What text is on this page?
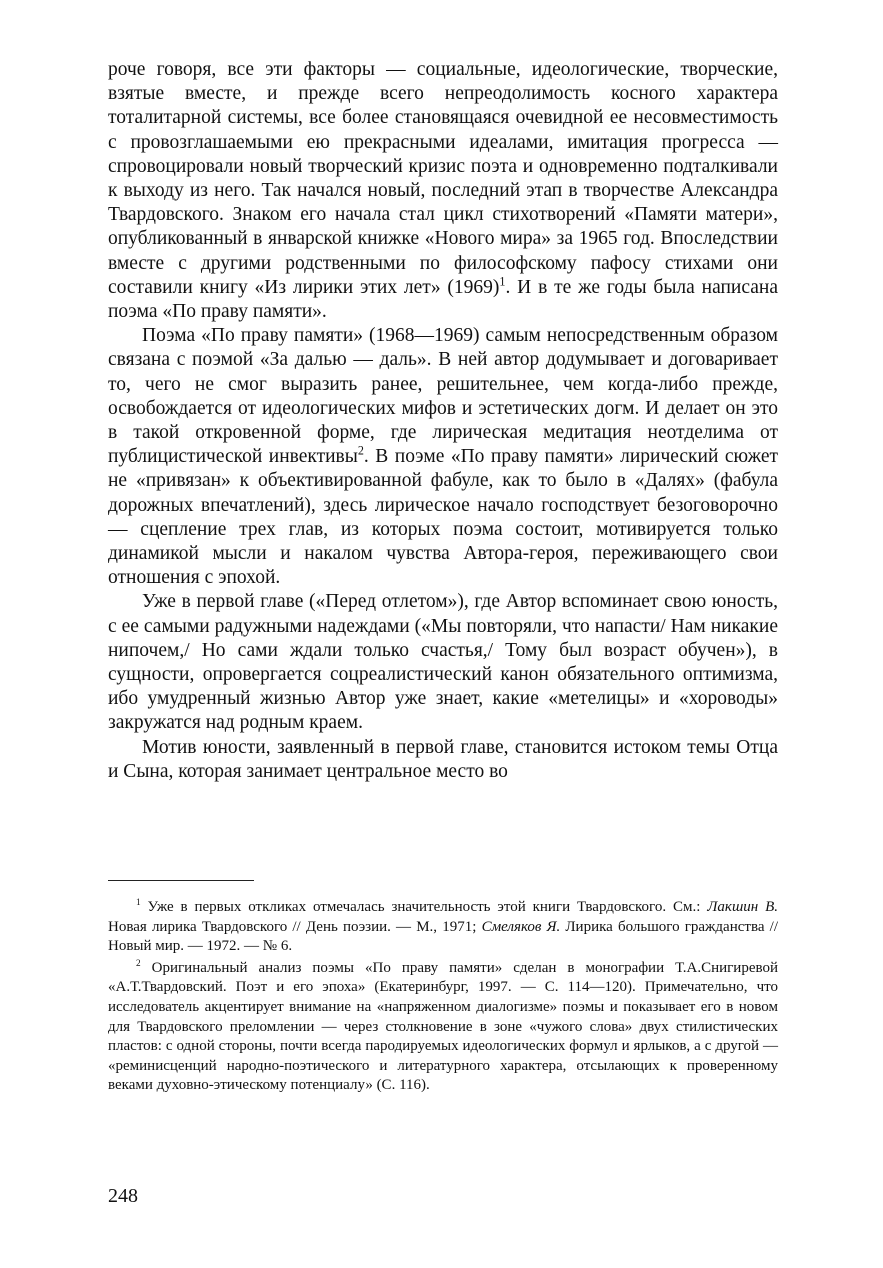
роче говоря, все эти факторы — социальные, идеологические, творческие, взятые вместе, и прежде всего непреодолимость косного характера тоталитарной системы, все более становящаяся очевидной ее несовместимость с провозглашаемыми ею прекрасными идеалами, имитация прогресса — спровоцировали новый творческий кризис поэта и одновременно подталкивали к выходу из него. Так начался новый, последний этап в творчестве Александра Твардовского. Знаком его начала стал цикл стихотворений «Памяти матери», опубликованный в январской книжке «Нового мира» за 1965 год. Впоследствии вместе с другими родственными по философскому пафосу стихами они составили книгу «Из лирики этих лет» $(1969)^1$. И в те же годы была написана поэма «По праву памяти».

Поэма «По праву памяти» (1968—1969) самым непосредственным образом связана с поэмой «За далью — даль». В ней автор додумывает и договаривает то, чего не смог выразить ранее, решительнее, чем когда-либо прежде, освобождается от идеологических мифов и эстетических догм. И делает он это в такой откровенной форме, где лирическая медитация неотделима от публицистической инвективы$^2$. В поэме «По праву памяти» лирический сюжет не «привязан» к объективированной фабуле, как то было в «Далях» (фабула дорожных впечатлений), здесь лирическое начало господствует безоговорочно — сцепление трех глав, из которых поэма состоит, мотивируется только динамикой мысли и накалом чувства Автора-героя, переживающего свои отношения с эпохой.

Уже в первой главе («Перед отлетом»), где Автор вспоминает свою юность, с ее самыми радужными надеждами («Мы повторяли, что напасти/ Нам никакие нипочем,/ Но сами ждали только счастья,/ Тому был возраст обучен»), в сущности, опровергается соцреалистический канон обязательного оптимизма, ибо умудренный жизнью Автор уже знает, какие «метелицы» и «хороводы» закружатся над родным краем.

Мотив юности, заявленный в первой главе, становится истоком темы Отца и Сына, которая занимает центральное место во

$^1$ Уже в первых откликах отмечалась значительность этой книги Твардовского. См.: Лакшин В. Новая лирика Твардовского // День поэзии. — М., 1971; Смеляков Я. Лирика большого гражданства // Новый мир. — 1972. — № 6.

$^2$ Оригинальный анализ поэмы «По праву памяти» сделан в монографии Т.А.Снигиревой «А.Т.Твардовский. Поэт и его эпоха» (Екатеринбург, 1997. — С. 114—120). Примечательно, что исследователь акцентирует внимание на «напряженном диалогизме» поэмы и показывает его в новом для Твардовского преломлении — через столкновение в зоне «чужого слова» двух стилистических пластов: с одной стороны, почти всегда пародируемых идеологических формул и ярлыков, а с другой — «реминисценций народно-поэтического и литературного характера, отсылающих к проверенному веками духовно-этическому потенциалу» (С. 116).

248
